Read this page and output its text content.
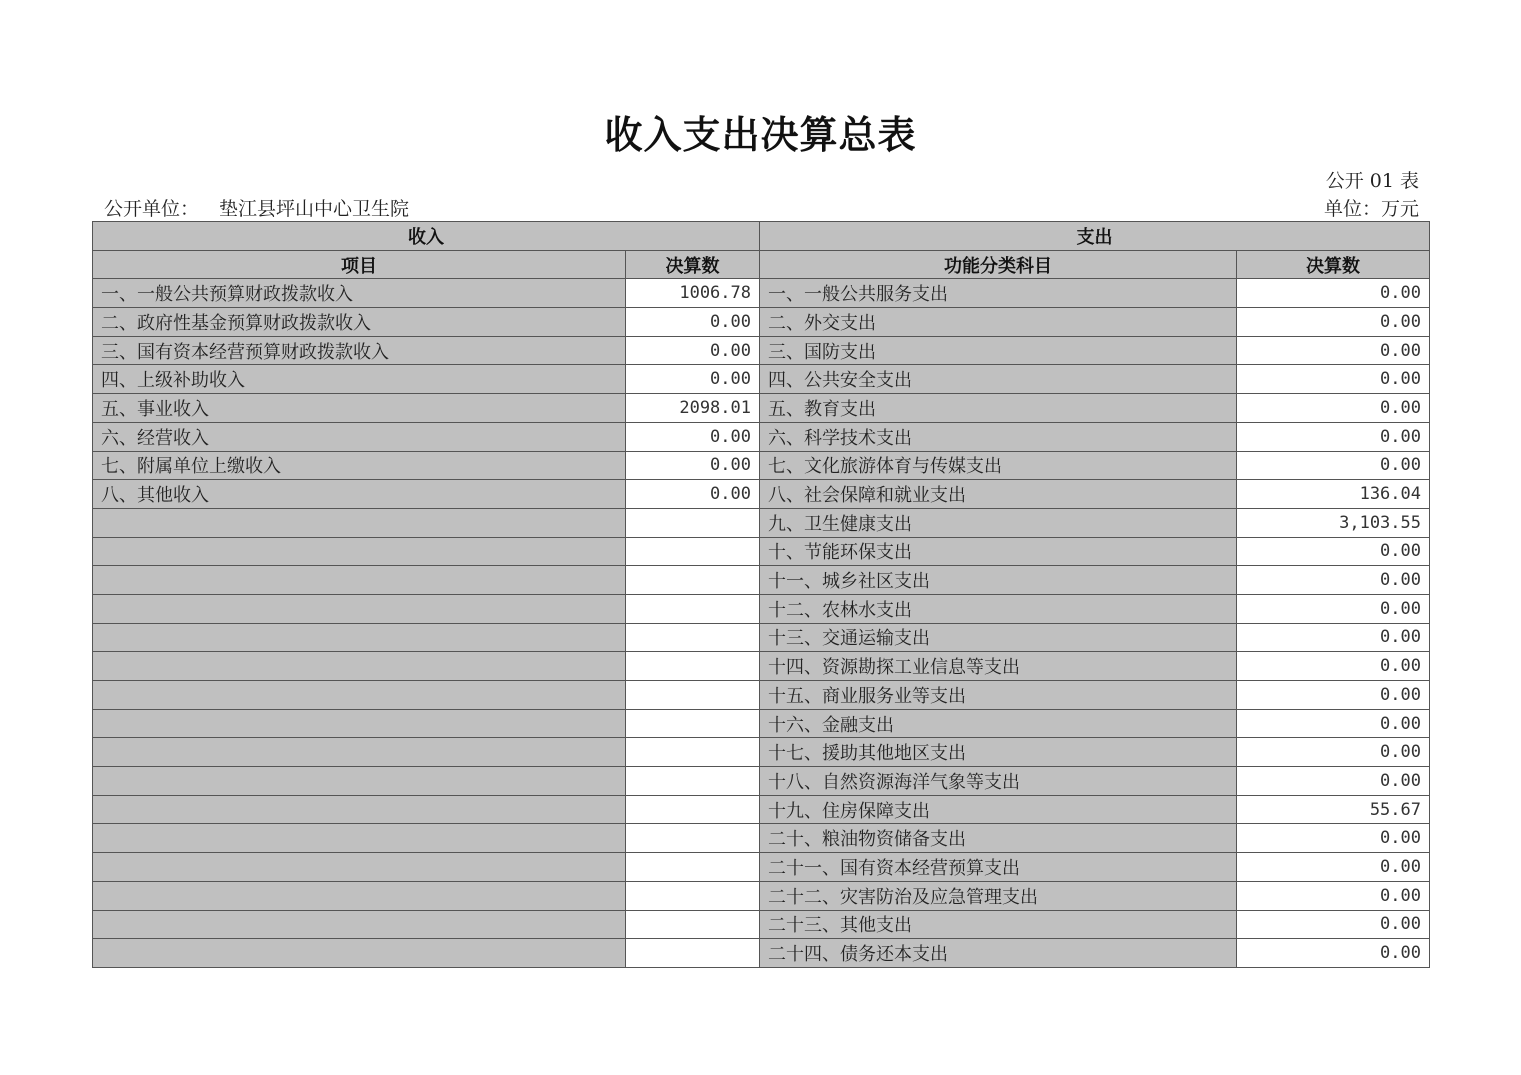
收入支出决算总表
公开 01 表
公开单位： 垫江县坪山中心卫生院	单位：万元
收入		支出	
项目	决算数	功能分类科目	决算数
一、一般公共预算财政拨款收入	1006.78	一、一般公共服务支出	0.00
二、政府性基金预算财政拨款收入	0.00	二、外交支出	0.00
三、国有资本经营预算财政拨款收入	0.00	三、国防支出	0.00
四、上级补助收入	0.00	四、公共安全支出	0.00
五、事业收入	2098.01	五、教育支出	0.00
六、经营收入	0.00	六、科学技术支出	0.00
七、附属单位上缴收入	0.00	七、文化旅游体育与传媒支出	0.00
八、其他收入	0.00	八、社会保障和就业支出	136.04
		九、卫生健康支出	3,103.55
		十、节能环保支出	0.00
		十一、城乡社区支出	0.00
		十二、农林水支出	0.00
		十三、交通运输支出	0.00
		十四、资源勘探工业信息等支出	0.00
		十五、商业服务业等支出	0.00
		十六、金融支出	0.00
		十七、援助其他地区支出	0.00
		十八、自然资源海洋气象等支出	0.00
		十九、住房保障支出	55.67
		二十、粮油物资储备支出	0.00
		二十一、国有资本经营预算支出	0.00
		二十二、灾害防治及应急管理支出	0.00
		二十三、其他支出	0.00
		二十四、债务还本支出	0.00
